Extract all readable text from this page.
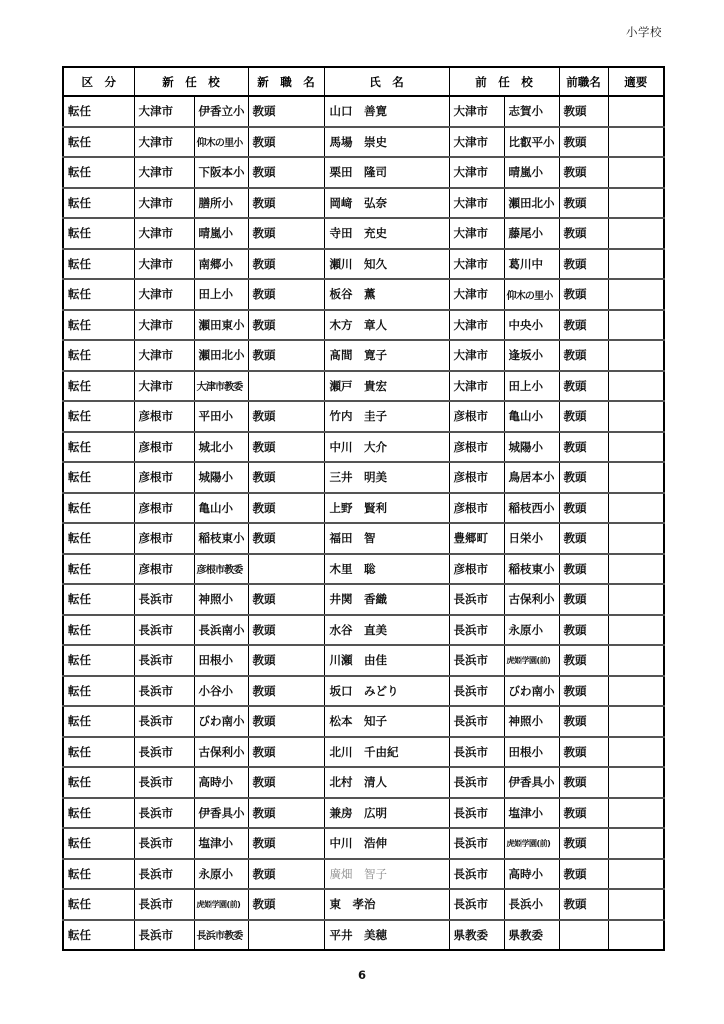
小学校
区　分	新　任　校		新　職　名	氏　名	前　任　校		前職名	適要
転任	大津市	伊香立小	教頭	山口　善寛	大津市	志賀小	教頭	
転任	大津市	仰木の里小	教頭	馬場　崇史	大津市	比叡平小	教頭	
転任	大津市	下阪本小	教頭	栗田　隆司	大津市	晴嵐小	教頭	
転任	大津市	膳所小	教頭	岡﨑　弘奈	大津市	瀬田北小	教頭	
転任	大津市	晴嵐小	教頭	寺田　充史	大津市	藤尾小	教頭	
転任	大津市	南郷小	教頭	瀬川　知久	大津市	葛川中	教頭	
転任	大津市	田上小	教頭	板谷　薫	大津市	仰木の里小	教頭	
転任	大津市	瀬田東小	教頭	木方　章人	大津市	中央小	教頭	
転任	大津市	瀬田北小	教頭	髙間　寛子	大津市	逢坂小	教頭	
転任	大津市	大津市教委		瀬戸　貴宏	大津市	田上小	教頭	
転任	彦根市	平田小	教頭	竹内　圭子	彦根市	亀山小	教頭	
転任	彦根市	城北小	教頭	中川　大介	彦根市	城陽小	教頭	
転任	彦根市	城陽小	教頭	三井　明美	彦根市	鳥居本小	教頭	
転任	彦根市	亀山小	教頭	上野　賢利	彦根市	稲枝西小	教頭	
転任	彦根市	稲枝東小	教頭	福田　智	豊郷町	日栄小	教頭	
転任	彦根市	彦根市教委		木里　聡	彦根市	稲枝東小	教頭	
転任	長浜市	神照小	教頭	井関　香織	長浜市	古保利小	教頭	
転任	長浜市	長浜南小	教頭	水谷　直美	長浜市	永原小	教頭	
転任	長浜市	田根小	教頭	川瀬　由佳	長浜市	虎姫学園(前)	教頭	
転任	長浜市	小谷小	教頭	坂口　みどり	長浜市	びわ南小	教頭	
転任	長浜市	びわ南小	教頭	松本　知子	長浜市	神照小	教頭	
転任	長浜市	古保利小	教頭	北川　千由紀	長浜市	田根小	教頭	
転任	長浜市	高時小	教頭	北村　清人	長浜市	伊香具小	教頭	
転任	長浜市	伊香具小	教頭	兼房　広明	長浜市	塩津小	教頭	
転任	長浜市	塩津小	教頭	中川　浩伸	長浜市	虎姫学園(前)	教頭	
転任	長浜市	永原小	教頭	廣畑　智子	長浜市	高時小	教頭	
転任	長浜市	虎姫学園(前)	教頭	東　孝治	長浜市	長浜小	教頭	
転任	長浜市	長浜市教委		平井　美穂	県教委	県教委		
6
